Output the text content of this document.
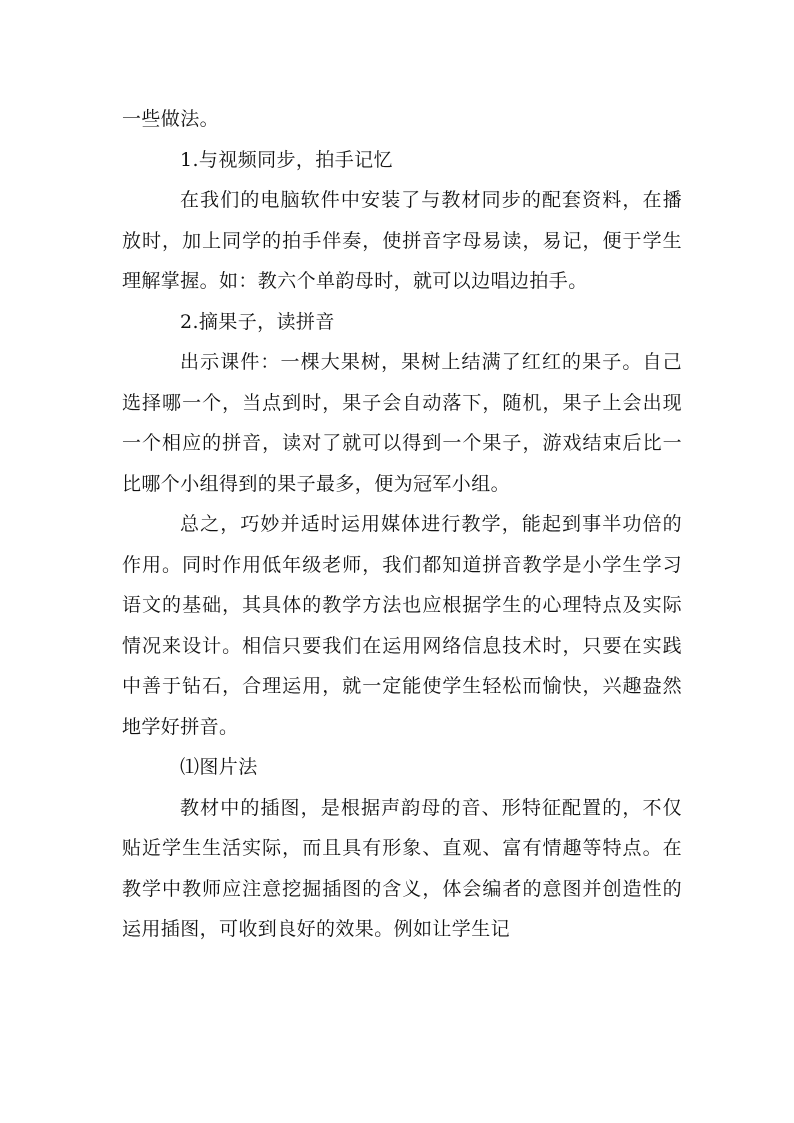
一些做法。

1.与视频同步，拍手记忆

在我们的电脑软件中安装了与教材同步的配套资料，在播放时，加上同学的拍手伴奏，使拼音字母易读，易记，便于学生理解掌握。如：教六个单韵母时，就可以边唱边拍手。

2.摘果子，读拼音

出示课件：一棵大果树，果树上结满了红红的果子。自己选择哪一个，当点到时，果子会自动落下，随机，果子上会出现一个相应的拼音，读对了就可以得到一个果子，游戏结束后比一比哪个小组得到的果子最多，便为冠军小组。

总之，巧妙并适时运用媒体进行教学，能起到事半功倍的作用。同时作用低年级老师，我们都知道拼音教学是小学生学习语文的基础，其具体的教学方法也应根据学生的心理特点及实际情况来设计。相信只要我们在运用网络信息技术时，只要在实践中善于钻石，合理运用，就一定能使学生轻松而愉快，兴趣盎然地学好拼音。

⑴图片法

教材中的插图，是根据声韵母的音、形特征配置的，不仅贴近学生生活实际，而且具有形象、直观、富有情趣等特点。在教学中教师应注意挖掘插图的含义，体会编者的意图并创造性的运用插图，可收到良好的效果。例如让学生记
